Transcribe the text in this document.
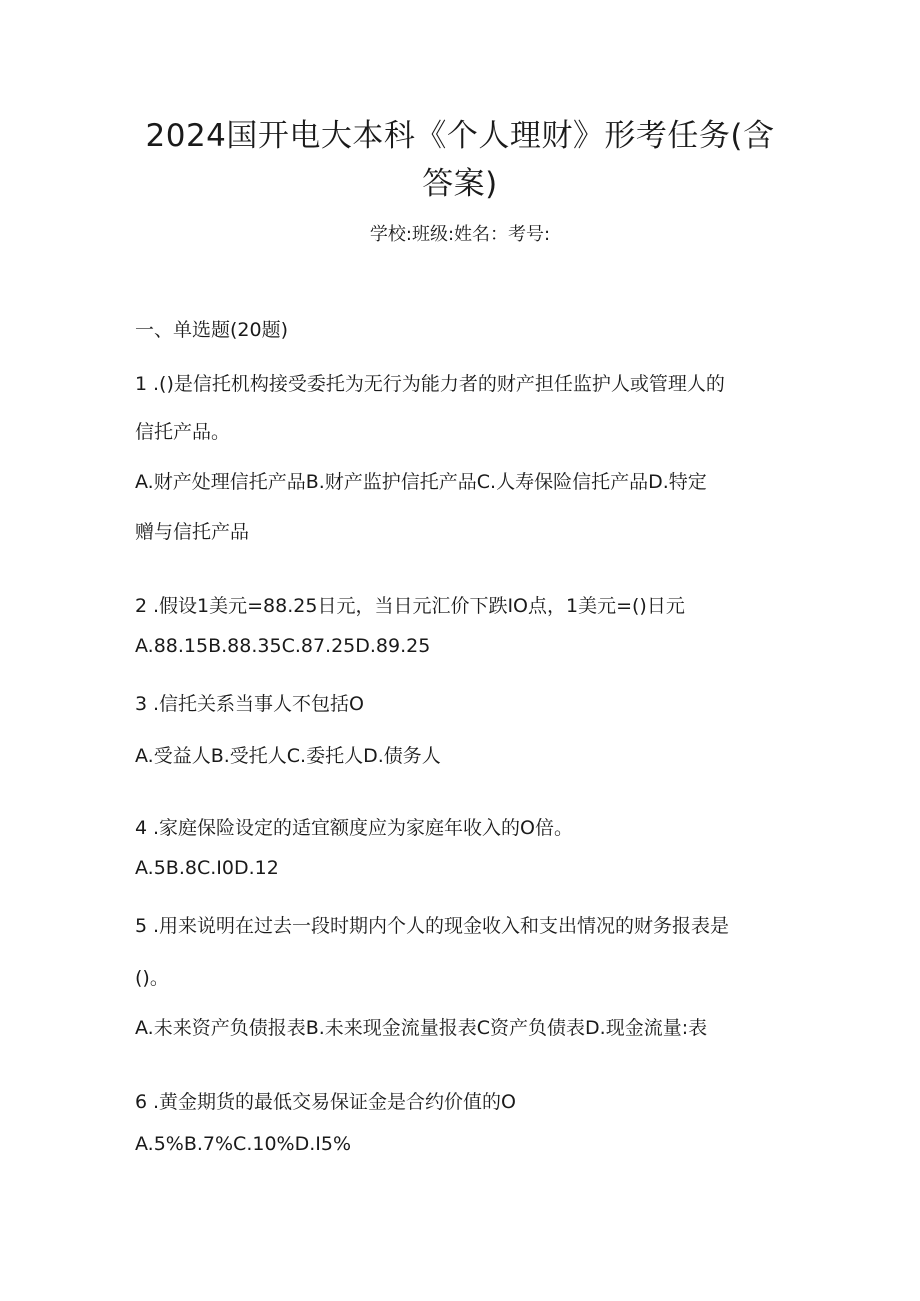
2024国开电大本科《个人理财》形考任务(含
答案)
学校:班级:姓名：考号:
一、单选题(20题)
1 .()是信托机构接受委托为无行为能力者的财产担任监护人或管理人的
信托产品。
A.财产处理信托产品B.财产监护信托产品C.人寿保险信托产品D.特定
赠与信托产品
2 .假设1美元=88.25日元，当日元汇价下跌IO点，1美元=()日元
A.88.15B.88.35C.87.25D.89.25
3 .信托关系当事人不包括O
A.受益人B.受托人C.委托人D.债务人
4 .家庭保险设定的适宜额度应为家庭年收入的O倍。
A.5B.8C.I0D.12
5 .用来说明在过去一段时期内个人的现金收入和支出情况的财务报表是
()。
A.未来资产负债报表B.未来现金流量报表C资产负债表D.现金流量:表
6 .黄金期货的最低交易保证金是合约价值的O
A.5%B.7%C.10%D.I5%
